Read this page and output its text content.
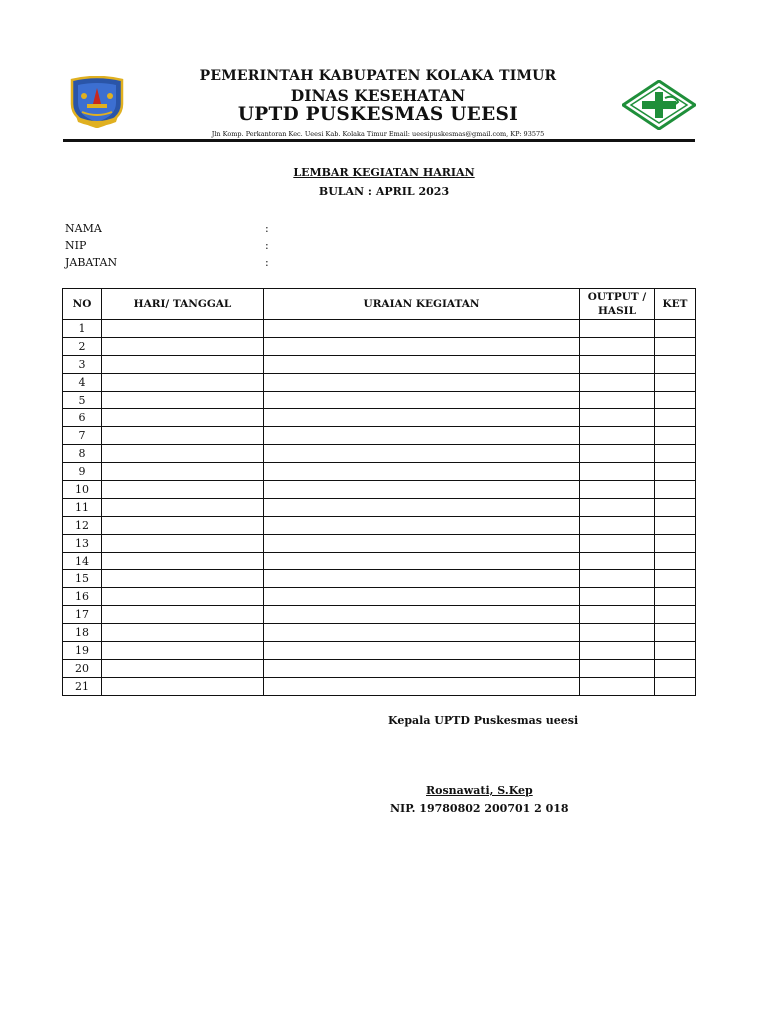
PEMERINTAH KABUPATEN KOLAKA TIMUR
DINAS KESEHATAN
UPTD PUSKESMAS UEESI
Jln Komp. Perkantoran Kec. Ueesi Kab. Kolaka Timur Email: ueesipuskesmas@gmail.com, KP: 93575
LEMBAR KEGIATAN HARIAN
BULAN : APRIL 2023
NAMA	:
NIP	:
JABATAN	:
NO	HARI/ TANGGAL	URAIAN KEGIATAN	OUTPUT / HASIL	KET
1				
2				
3				
4				
5				
6				
7				
8				
9				
10				
11				
12				
13				
14				
15				
16				
17				
18				
19				
20				
21				
Kepala UPTD Puskesmas ueesi
Rosnawati, S.Kep
NIP. 19780802 200701 2 018
